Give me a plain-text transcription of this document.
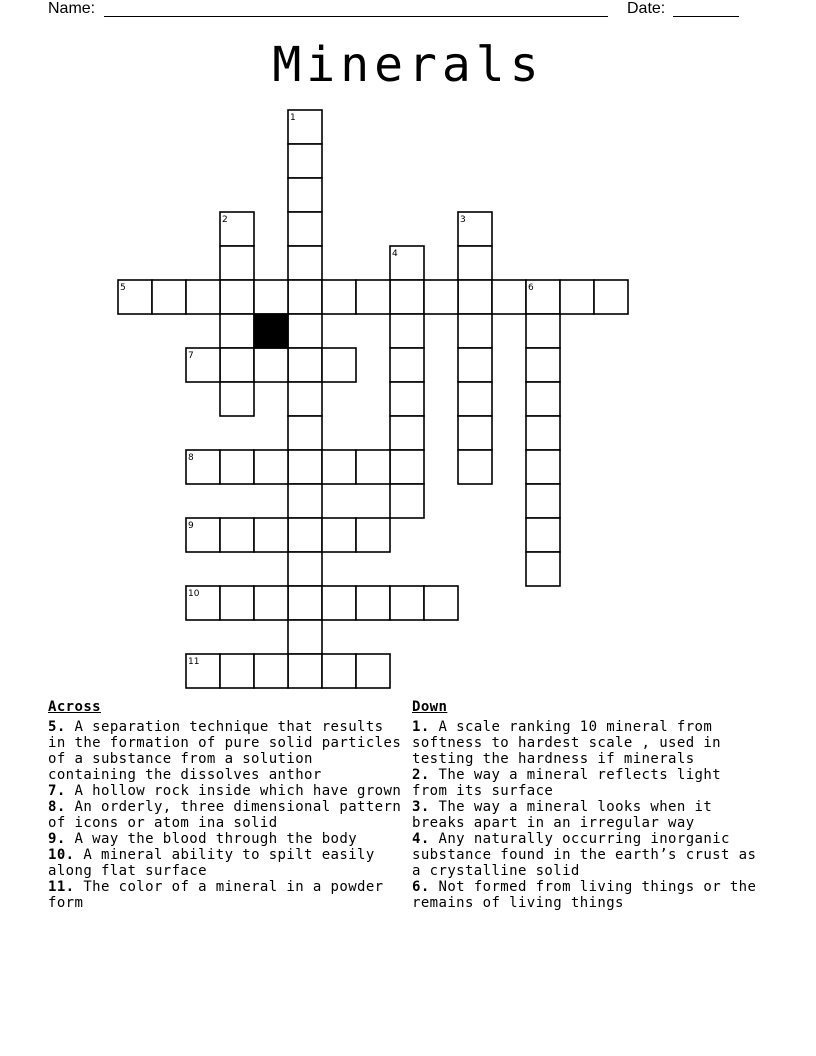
Name:	Date:
Minerals
1
2	3
4
5	6
7
8
9
10
11
Across
5. A separation technique that results in the formation of pure solid particles of a substance from a solution containing the dissolves anthor
7. A hollow rock inside which have grown
8. An orderly, three dimensional pattern of icons or atom ina solid
9. A way the blood through the body
10. A mineral ability to spilt easily along flat surface
11. The color of a mineral in a powder form
Down
1. A scale ranking 10 mineral from softness to hardest scale , used in testing the hardness if minerals
2. The way a mineral reflects light from its surface
3. The way a mineral looks when it breaks apart in an irregular way
4. Any naturally occurring inorganic substance found in the earth’s crust as a crystalline solid
6. Not formed from living things or the remains of living things
